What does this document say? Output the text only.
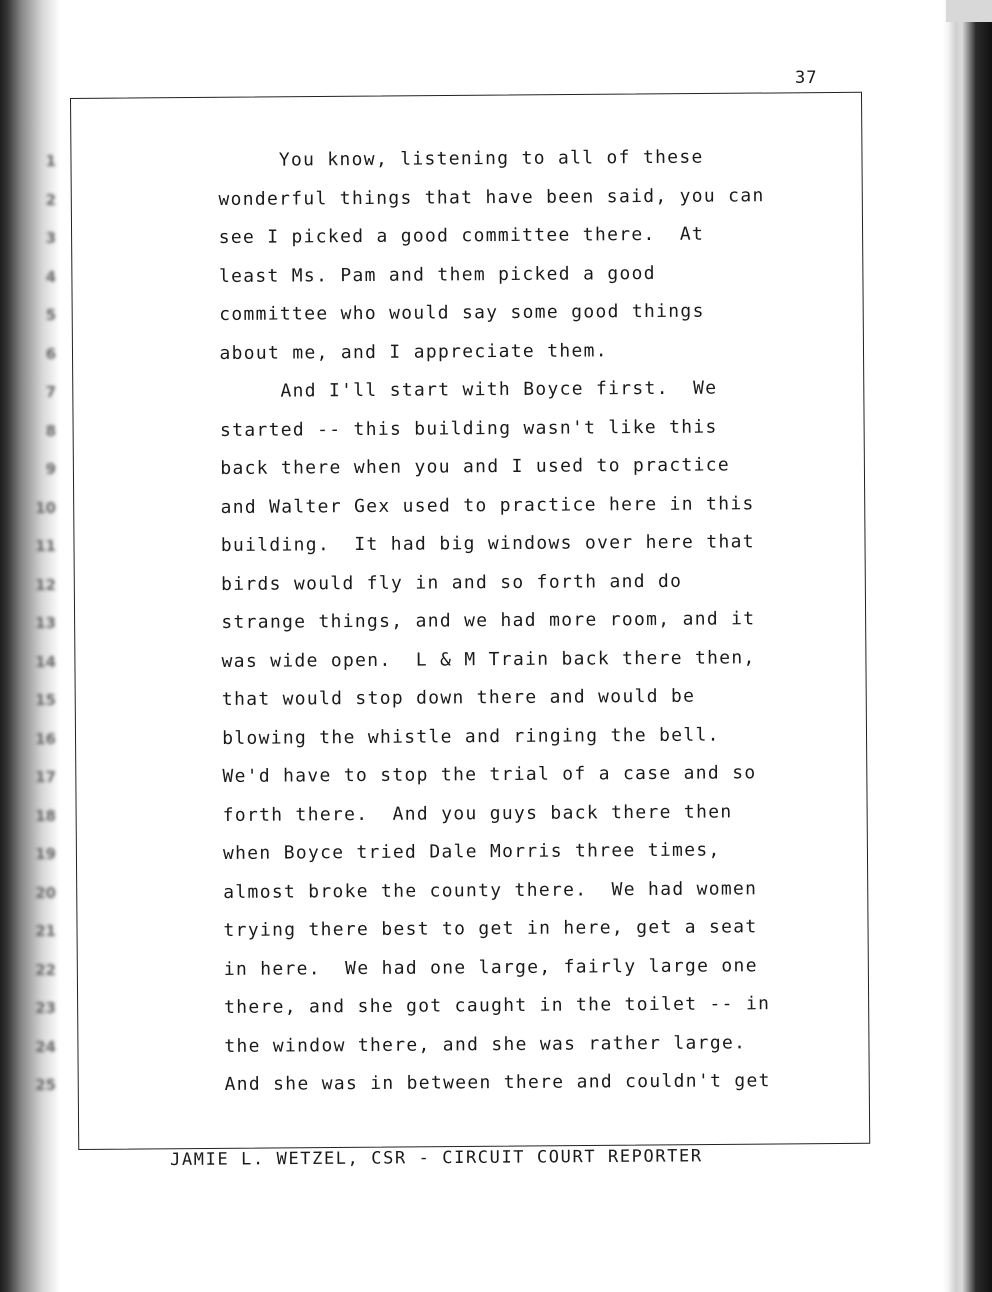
37
1
2
3
4
5
6
7
8
9
10
11
12
13
14
15
16
17
18
19
20
21
22
23
24
25
You know, listening to all of these
wonderful things that have been said, you can
see I picked a good committee there.  At
least Ms. Pam and them picked a good
committee who would say some good things
about me, and I appreciate them.
And I'll start with Boyce first.  We
started -- this building wasn't like this
back there when you and I used to practice
and Walter Gex used to practice here in this
building.  It had big windows over here that
birds would fly in and so forth and do
strange things, and we had more room, and it
was wide open.  L & M Train back there then,
that would stop down there and would be
blowing the whistle and ringing the bell.
We'd have to stop the trial of a case and so
forth there.  And you guys back there then
when Boyce tried Dale Morris three times,
almost broke the county there.  We had women
trying there best to get in here, get a seat
in here.  We had one large, fairly large one
there, and she got caught in the toilet -- in
the window there, and she was rather large.
And she was in between there and couldn't get
JAMIE L. WETZEL, CSR - CIRCUIT COURT REPORTER
